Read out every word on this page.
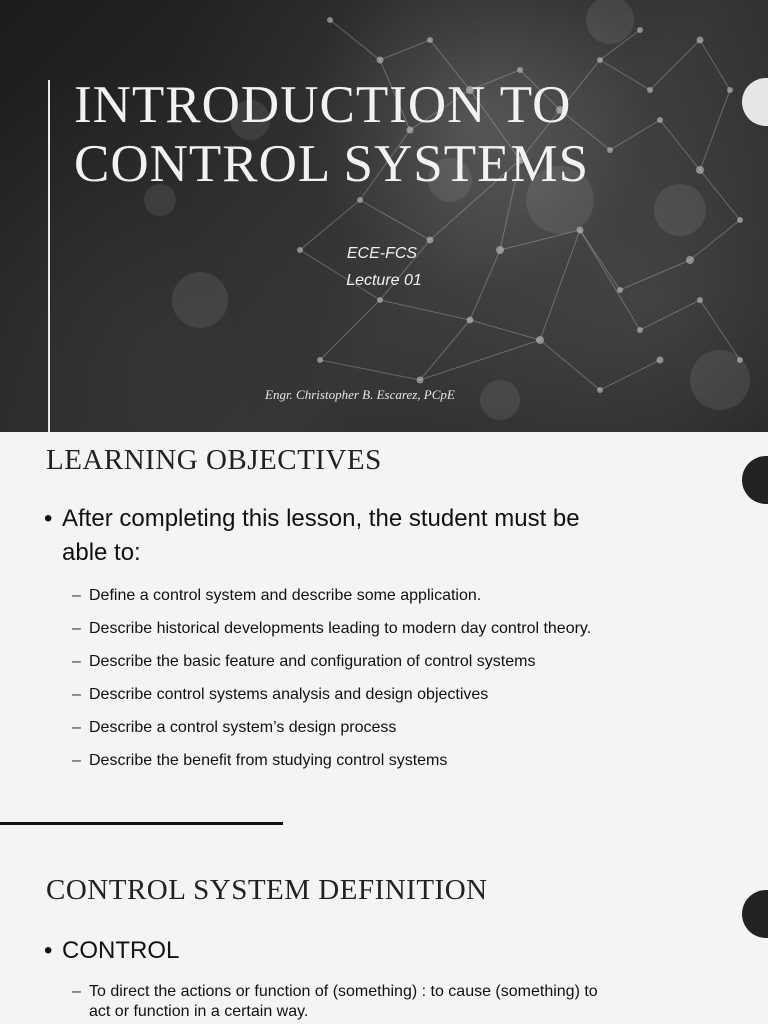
INTRODUCTION TO
CONTROL SYSTEMS
ECE-FCS
Lecture 01
Engr. Christopher B. Escarez, PCpE
LEARNING OBJECTIVES
• After completing this lesson, the student must be
able to:
– Define a control system and describe some application.
– Describe historical developments leading to modern day control theory.
– Describe the basic feature and configuration of control systems
– Describe control systems analysis and design objectives
– Describe a control system’s design process
– Describe the benefit from studying control systems
CONTROL SYSTEM DEFINITION
• CONTROL
– To direct the actions or function of (something) : to cause (something) to
act or function in a certain way.
